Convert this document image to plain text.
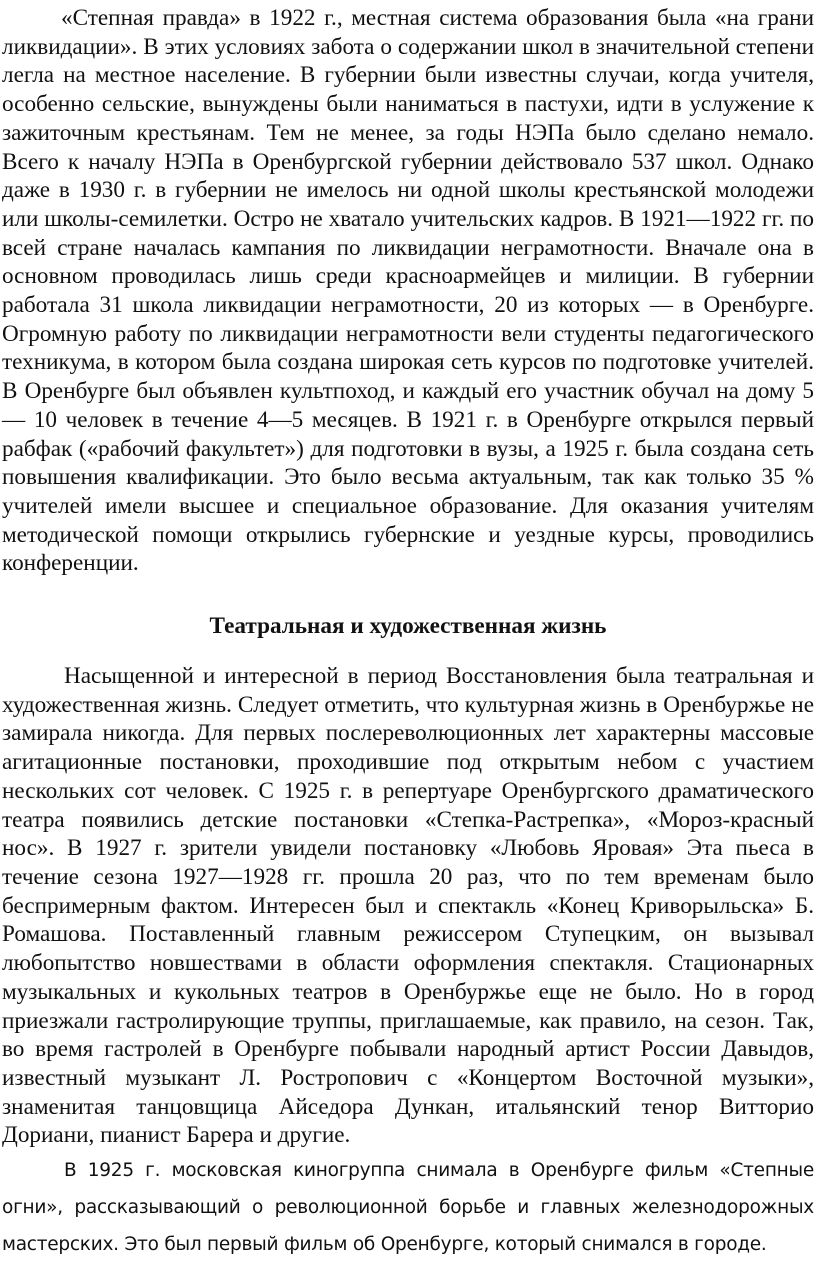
«Степная правда» в 1922 г., местная система образования была «на грани ликвидации». В этих условиях забота о содержании школ в значительной степени легла на местное население. В губернии были известны случаи, когда учителя, особенно сельские, вынуждены были наниматься в пастухи, идти в услужение к зажиточным крестьянам. Тем не менее, за годы НЭПа было сделано немало. Всего к началу НЭПа в Оренбургской губернии действовало 537 школ. Однако даже в 1930 г. в губернии не имелось ни одной школы крестьянской молодежи или школы-семилетки. Остро не хватало учительских кадров. В 1921—1922 гг. по всей стране началась кампания по ликвидации неграмотности. Вначале она в основном проводилась лишь среди красноармейцев и милиции. В губернии работала 31 школа ликвидации неграмотности, 20 из которых — в Оренбурге. Огромную работу по ликвидации неграмотности вели студенты педагогического техникума, в котором была создана широкая сеть курсов по подготовке учителей. В Оренбурге был объявлен культпоход, и каждый его участник обучал на дому 5— 10 человек в течение 4—5 месяцев. В 1921 г. в Оренбурге открылся первый рабфак («рабочий факультет») для подготовки в вузы, а 1925 г. была создана сеть повышения квалификации. Это было весьма актуальным, так как только 35 % учителей имели высшее и специальное образование. Для оказания учителям методической помощи открылись губернские и уездные курсы, проводились конференции.

Театральная и художественная жизнь

Насыщенной и интересной в период Восстановления была театральная и художественная жизнь. Следует отметить, что культурная жизнь в Оренбуржье не замирала никогда. Для первых послереволюционных лет характерны массовые агитационные постановки, проходившие под открытым небом с участием нескольких сот человек. С 1925 г. в репертуаре Оренбургского драматического театра появились детские постановки «Степка-Растрепка», «Мороз-красный нос». В 1927 г. зрители увидели постановку «Любовь Яровая» Эта пьеса в течение сезона 1927—1928 гг. прошла 20 раз, что по тем временам было беспримерным фактом. Интересен был и спектакль «Конец Криворыльска» Б. Ромашова. Поставленный главным режиссером Ступецким, он вызывал любопытство новшествами в области оформления спектакля. Стационарных музыкальных и кукольных театров в Оренбуржье еще не было. Но в город приезжали гастролирующие труппы, приглашаемые, как правило, на сезон. Так, во время гастролей в Оренбурге побывали народный артист России Давыдов, известный музыкант Л. Ростропович с «Концертом Восточной музыки», знаменитая танцовщица Айседора Дункан, итальянский тенор Витторио Дориани, пианист Барера и другие.

В 1925 г. московская киногруппа снимала в Оренбурге фильм «Степные огни», рассказывающий о революционной борьбе и главных железнодорожных мастерских. Это был первый фильм об Оренбурге, который снимался в городе.
